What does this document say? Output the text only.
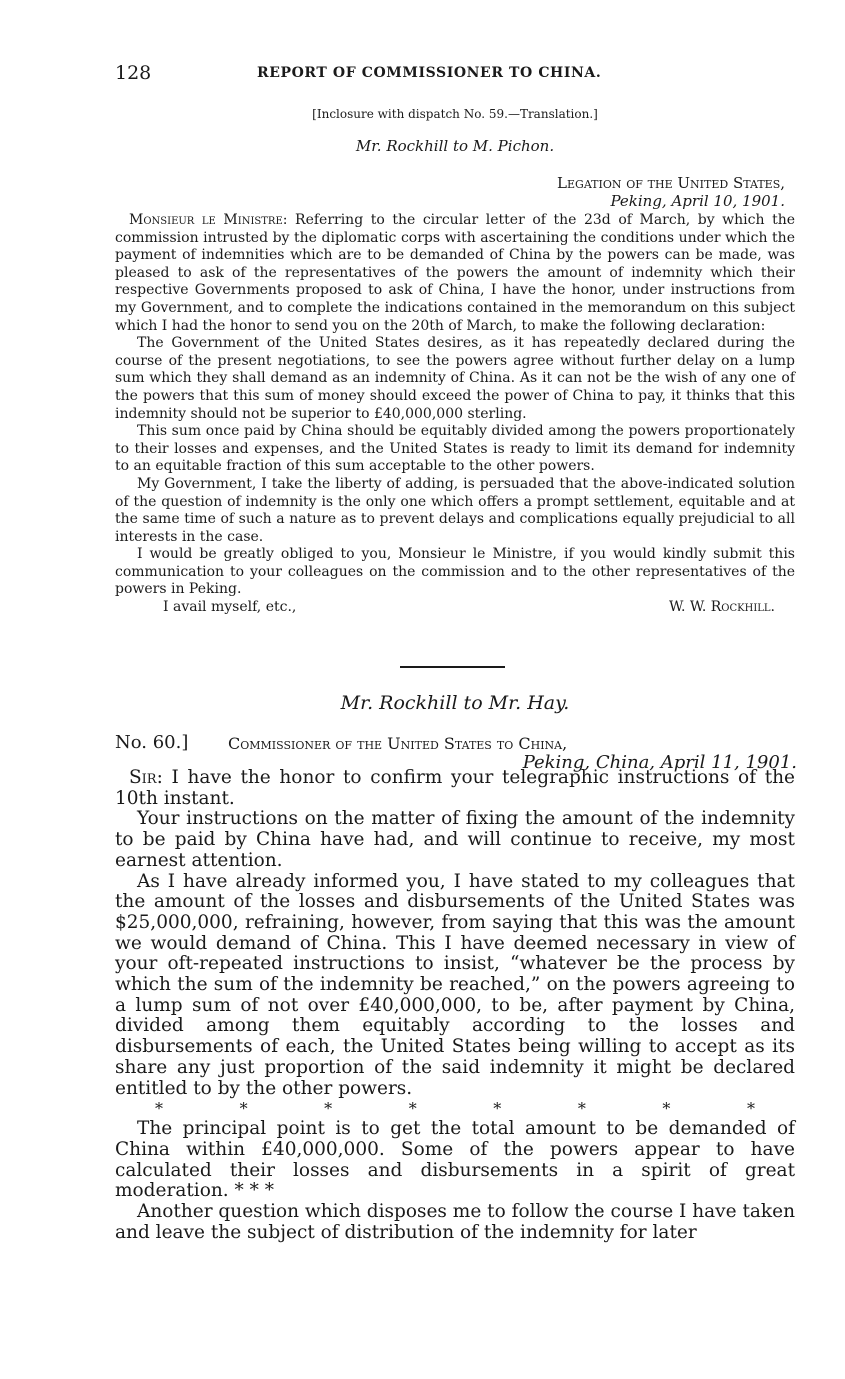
128	REPORT OF COMMISSIONER TO CHINA.
[Inclosure with dispatch No. 59.—Translation.]
Mr. Rockhill to M. Pichon.
Legation of the United States,
Peking, April 10, 1901.

Monsieur le Ministre: Referring to the circular letter of the 23d of March, by which the commission intrusted by the diplomatic corps with ascertaining the conditions under which the payment of indemnities which are to be demanded of China by the powers can be made, was pleased to ask of the representatives of the powers the amount of indemnity which their respective Governments proposed to ask of China, I have the honor, under instructions from my Government, and to complete the indications contained in the memorandum on this subject which I had the honor to send you on the 20th of March, to make the following declaration:

The Government of the United States desires, as it has repeatedly declared during the course of the present negotiations, to see the powers agree without further delay on a lump sum which they shall demand as an indemnity of China. As it can not be the wish of any one of the powers that this sum of money should exceed the power of China to pay, it thinks that this indemnity should not be superior to £40,000,000 sterling.

This sum once paid by China should be equitably divided among the powers proportionately to their losses and expenses, and the United States is ready to limit its demand for indemnity to an equitable fraction of this sum acceptable to the other powers.

My Government, I take the liberty of adding, is persuaded that the above-indicated solution of the question of indemnity is the only one which offers a prompt settlement, equitable and at the same time of such a nature as to prevent delays and complications equally prejudicial to all interests in the case.

I would be greatly obliged to you, Monsieur le Ministre, if you would kindly submit this communication to your colleagues on the commission and to the other representatives of the powers in Peking.

I avail myself, etc.,	W. W. Rockhill.
Mr. Rockhill to Mr. Hay.
No. 60.] Commissioner of the United States to China,
Peking, China, April 11, 1901.

Sir: I have the honor to confirm your telegraphic instructions of the 10th instant.

Your instructions on the matter of fixing the amount of the indemnity to be paid by China have had, and will continue to receive, my most earnest attention.

As I have already informed you, I have stated to my colleagues that the amount of the losses and disbursements of the United States was $25,000,000, refraining, however, from saying that this was the amount we would demand of China. This I have deemed necessary in view of your oft-repeated instructions to insist, “whatever be the process by which the sum of the indemnity be reached,” on the powers agreeing to a lump sum of not over £40,000,000, to be, after payment by China, divided among them equitably according to the losses and disbursements of each, the United States being willing to accept as its share any just proportion of the said indemnity it might be declared entitled to by the other powers.

*	*	*	*	*	*	*	*

The principal point is to get the total amount to be demanded of China within £40,000,000. Some of the powers appear to have calculated their losses and disbursements in a spirit of great moderation. * * *

Another question which disposes me to follow the course I have taken and leave the subject of distribution of the indemnity for later
